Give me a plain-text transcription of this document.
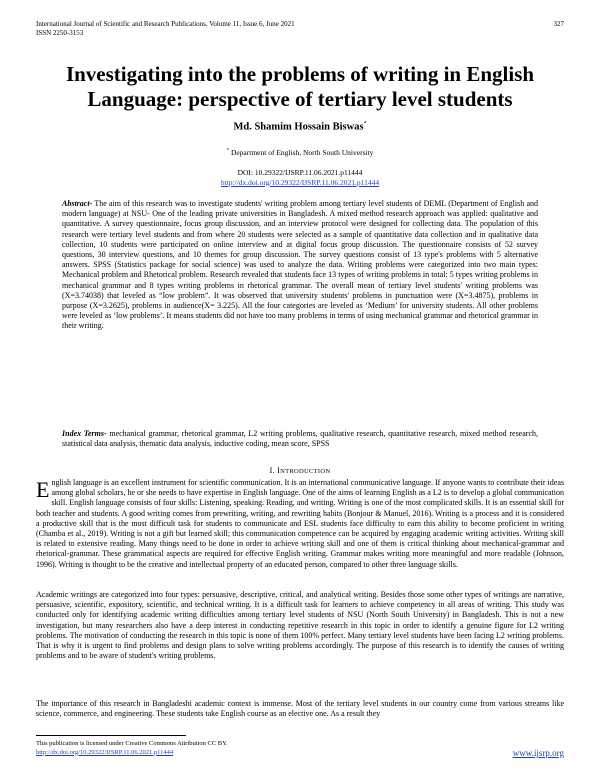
International Journal of Scientific and Research Publications, Volume 11, Issue 6, June 2021
ISSN 2250-3153
327
Investigating into the problems of writing in English Language: perspective of tertiary level students
Md. Shamim Hossain Biswas*
* Department of English, North South University
DOI: 10.29322/IJSRP.11.06.2021.p11444
http://dx.doi.org/10.29322/IJSRP.11.06.2021.p11444
Abstract- The aim of this research was to investigate students' writing problem among tertiary level students of DEML (Department of English and modern language) at NSU- One of the leading private universities in Bangladesh. A mixed method research approach was applied: qualitative and quantitative. A survey questionnaire, focus group discussion, and an interview protocol were designed for collecting data. The population of this research were tertiary level students and from where 20 students were selected as a sample of quantitative data collection and in qualitative data collection, 10 students were participated on online interview and at digital focus group discussion. The questionnaire consists of 52 survey questions, 30 interview questions, and 10 themes for group discussion. The survey questions consist of 13 type's problems with 5 alternative answers. SPSS (Statistics package for social science) was used to analyze the data. Writing problems were categorized into two main types: Mechanical problem and Rhetorical problem. Research revealed that students face 13 types of writing problems in total: 5 types writing problems in mechanical grammar and 8 types writing problems in rhetorical grammar. The overall mean of tertiary level students' writing problems was (X=3.74038) that leveled as “low problem”. It was observed that university students' problems in punctuation were (X=3.4875), problems in purpose (X=3.2625), problems in audience(X= 3.225). All the four categories are leveled as ‘Medium’ for university students. All other problems were leveled as ‘low problems’. It means students did not have too many problems in terms of using mechanical grammar and rhetorical grammar in their writing.
Index Terms- mechanical grammar, rhetorical grammar, L2 writing problems, qualitative research, quantitative research, mixed method research, statistical data analysis, thematic data analysis, inductive coding, mean score, SPSS
I. INTRODUCTION
English language is an excellent instrument for scientific communication. It is an international communicative language. If anyone wants to contribute their ideas among global scholars, he or she needs to have expertise in English language. One of the aims of learning English as a L2 is to develop a global communication skill. English language consists of four skills: Listening, speaking. Reading, and writing. Writing is one of the most complicated skills. It is an essential skill for both teacher and students. A good writing comes from prewriting, writing, and rewriting habits (Bonjour & Manuel, 2016). Writing is a process and it is considered a productive skill that is the most difficult task for students to communicate and ESL students face difficulty to earn this ability to become proficient in writing (Chamba et al., 2019). Writing is not a gift but learned skill; this communication competence can be acquired by engaging academic writing activities. Writing skill is related to extensive reading. Many things need to be done in order to achieve writing skill and one of them is critical thinking about mechanical-grammar and rhetorical-grammar. These grammatical aspects are required for effective English writing. Grammar makes writing more meaningful and more readable (Johnson, 1996). Writing is thought to be the creative and intellectual property of an educated person, compared to other three language skills.
Academic writings are categorized into four types: persuasive, descriptive, critical, and analytical writing. Besides those some other types of writings are narrative, persuasive, scientific, expository, scientific, and technical writing. It is a difficult task for learners to achieve competency in all areas of writing. This study was conducted only for identifying academic writing difficulties among tertiary level students of NSU (North South University) in Bangladesh. This is not a new investigation, but many researchers also have a deep interest in conducting repetitive research in this topic in order to identify a genuine figure for L2 writing problems. The motivation of conducting the research in this topic is none of them 100% perfect. Many tertiary level students have been facing L2 writing problems. That is why it is urgent to find problems and design plans to solve writing problems accordingly. The purpose of this research is to identify the causes of writing problems and to be aware of student's writing problems.
The importance of this research in Bangladeshi academic context is immense. Most of the tertiary level students in our country come from various streams like science, commerce, and engineering. These students take English course as an elective one. As a result they
This publication is licensed under Creative Commons Attribution CC BY.
http://dx.doi.org/10.29322/IJSRP.11.06.2021.p11444	www.ijsrp.org
